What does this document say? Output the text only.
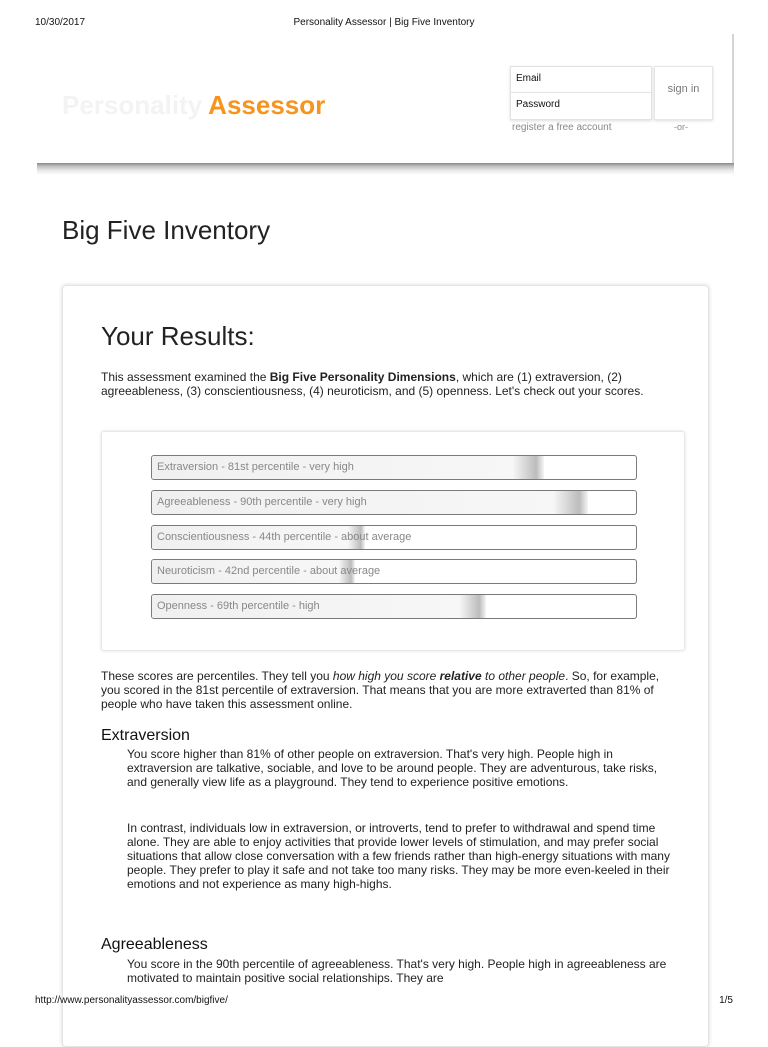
10/30/2017	Personality Assessor | Big Five Inventory
Personality Assessor
Email
Password
sign in
register a free account	-or-
Big Five Inventory
Your Results:

This assessment examined the Big Five Personality Dimensions, which are (1) extraversion, (2) agreeableness, (3) conscientiousness, (4) neuroticism, and (5) openness. Let's check out your scores.

Extraversion - 81st percentile - very high
Agreeableness - 90th percentile - very high
Conscientiousness - 44th percentile - about average
Neuroticism - 42nd percentile - about average
Openness - 69th percentile - high

These scores are percentiles. They tell you how high you score relative to other people. So, for example, you scored in the 81st percentile of extraversion. That means that you are more extraverted than 81% of people who have taken this assessment online.

Extraversion

You score higher than 81% of other people on extraversion. That's very high. People high in extraversion are talkative, sociable, and love to be around people. They are adventurous, take risks, and generally view life as a playground. They tend to experience positive emotions.

In contrast, individuals low in extraversion, or introverts, tend to prefer to withdrawal and spend time alone. They are able to enjoy activities that provide lower levels of stimulation, and may prefer social situations that allow close conversation with a few friends rather than high-energy situations with many people. They prefer to play it safe and not take too many risks. They may be more even-keeled in their emotions and not experience as many high-highs.

Agreeableness

You score in the 90th percentile of agreeableness. That's very high. People high in agreeableness are motivated to maintain positive social relationships. They are

http://www.personalityassessor.com/bigfive/	1/5
